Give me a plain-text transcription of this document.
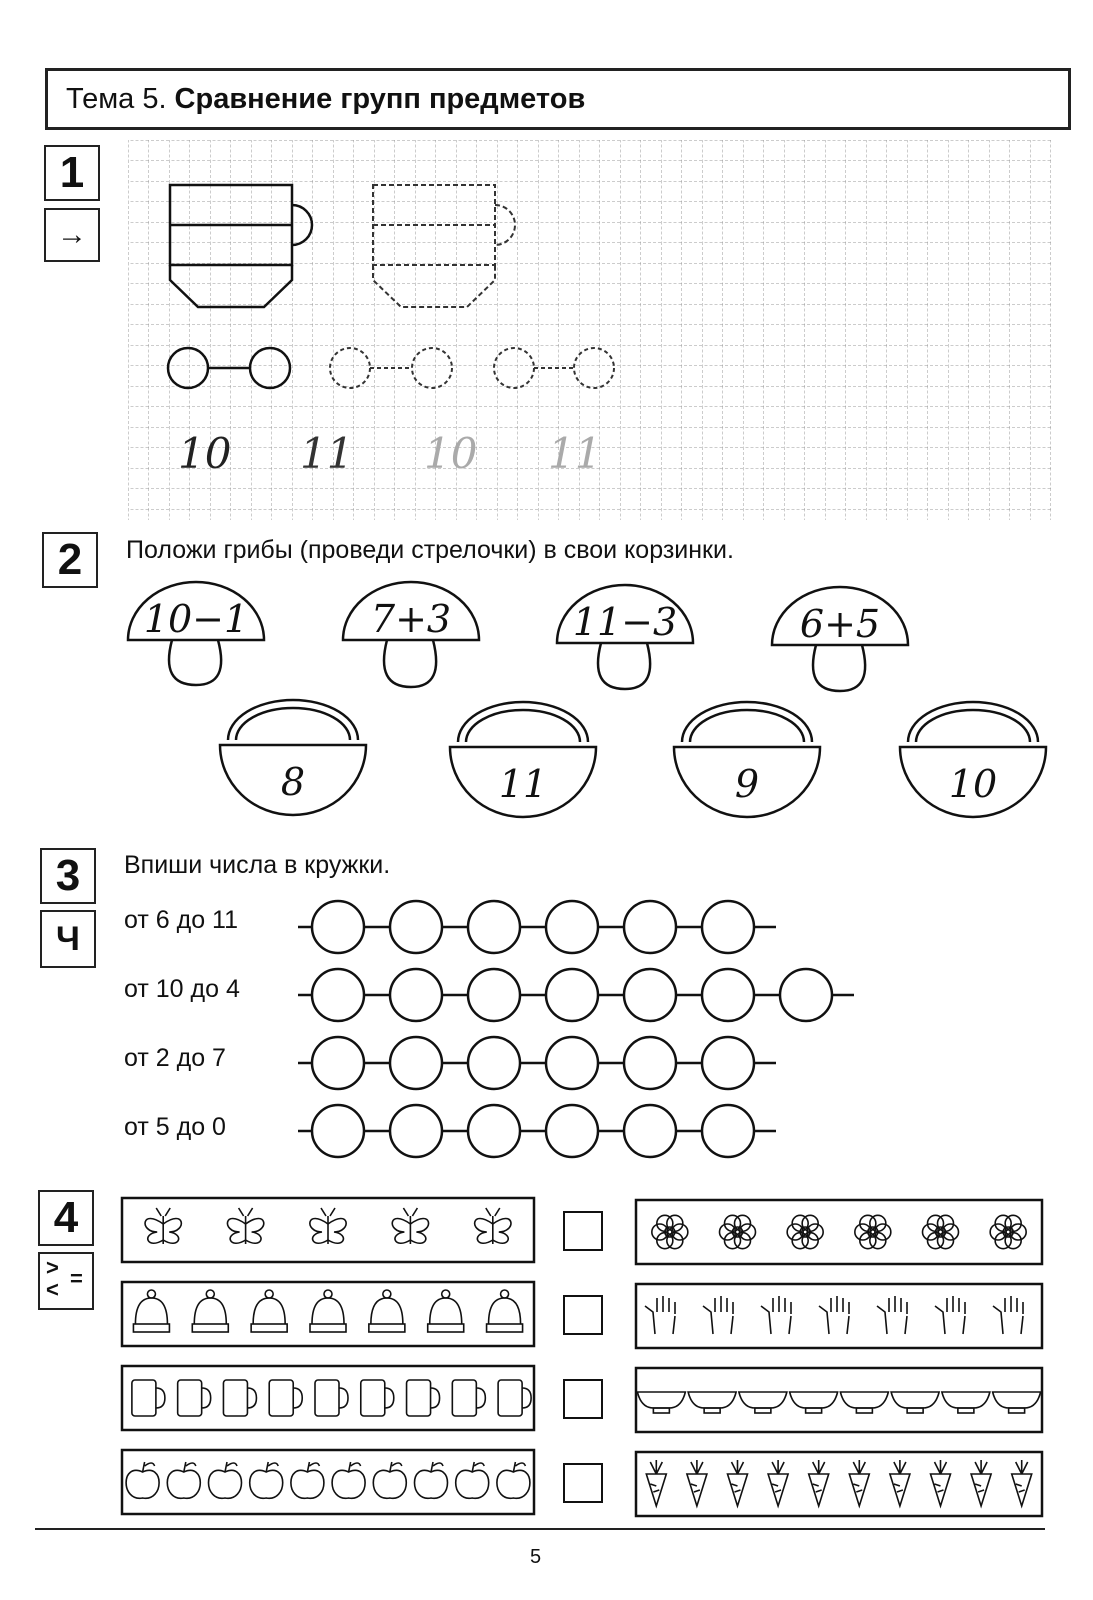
Тема 5. Сравнение групп предметов
1
→
10 11 10 11
2	Положи грибы (проведи стрелочки) в свои корзинки.
10−1	7+3	11−3	6+5
8	11	9	10
3
Ч
Впиши числа в кружки.
от 6 до 11
от 10 до 4
от 2 до 7
от 5 до 0
4
>
< =
5
